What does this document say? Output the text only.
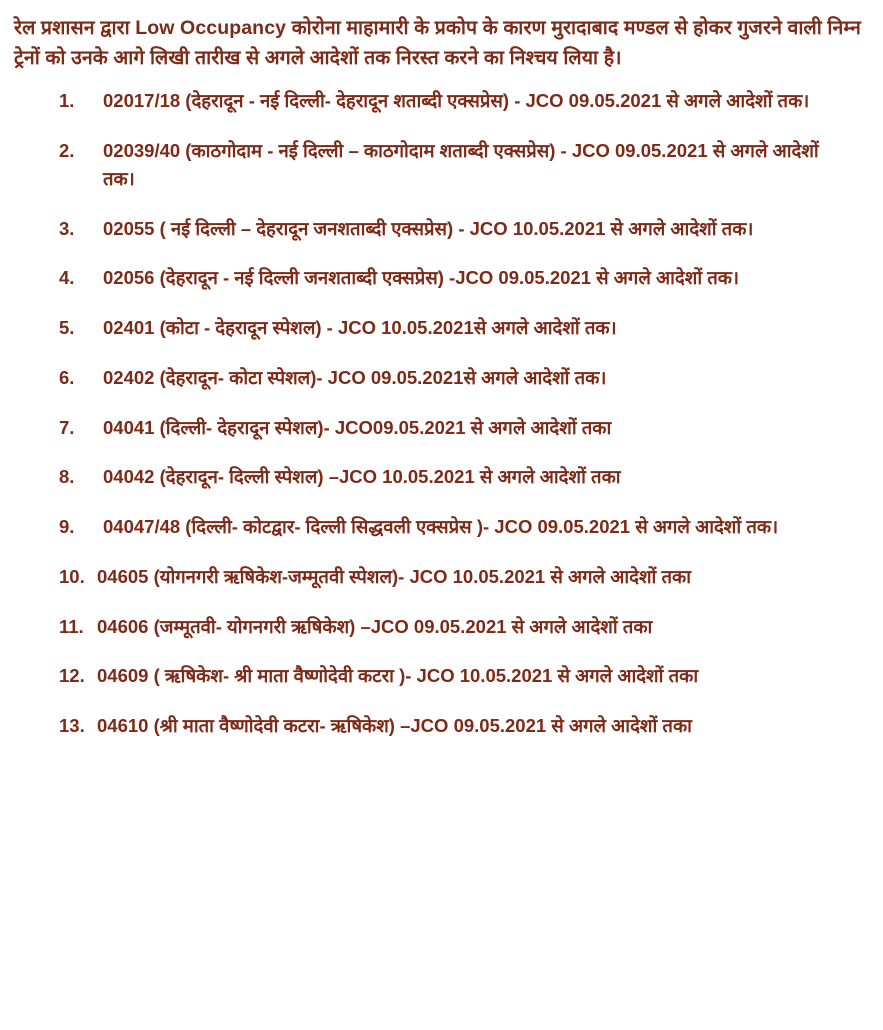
रेल प्रशासन द्वारा Low Occupancy कोरोना माहामारी के प्रकोप के कारण मुरादाबाद मण्डल से होकर गुजरने वाली निम्न ट्रेनों को उनके आगे लिखी तारीख से अगले आदेशों तक निरस्त करने का निश्चय लिया है।

1.	02017/18 (देहरादून - नई दिल्ली- देहरादून शताब्दी एक्सप्रेस) - JCO 09.05.2021 से अगले आदेशों तक।
2.	02039/40 (काठगोदाम - नई दिल्ली – काठगोदाम शताब्दी एक्सप्रेस) - JCO 09.05.2021 से अगले आदेशों तक।
3.	02055 ( नई दिल्ली – देहरादून जनशताब्दी एक्सप्रेस) - JCO 10.05.2021 से अगले आदेशों तक।
4.	02056 (देहरादून - नई दिल्ली जनशताब्दी एक्सप्रेस) -JCO 09.05.2021 से अगले आदेशों तक।
5.	02401 (कोटा - देहरादून स्पेशल) - JCO 10.05.2021से अगले आदेशों तक।
6.	02402 (देहरादून- कोटा स्पेशल)- JCO 09.05.2021से अगले आदेशों तक।
7.	04041 (दिल्ली- देहरादून स्पेशल)- JCO09.05.2021 से अगले आदेशों तका
8.	04042 (देहरादून- दिल्ली स्पेशल) –JCO 10.05.2021 से अगले आदेशों तका
9.	04047/48 (दिल्ली- कोटद्वार- दिल्ली सिद्धवली एक्सप्रेस )- JCO 09.05.2021 से अगले आदेशों तक।
10. 04605 (योगनगरी ऋषिकेश-जम्मूतवी स्पेशल)- JCO 10.05.2021 से अगले आदेशों तका
11. 04606 (जम्मूतवी- योगनगरी ऋषिकेश) –JCO 09.05.2021 से अगले आदेशों तका
12. 04609 ( ऋषिकेश- श्री माता वैष्णोदेवी कटरा )- JCO 10.05.2021 से अगले आदेशों तका
13. 04610 (श्री माता वैष्णोदेवी कटरा- ऋषिकेश) –JCO 09.05.2021 से अगले आदेशों तका
